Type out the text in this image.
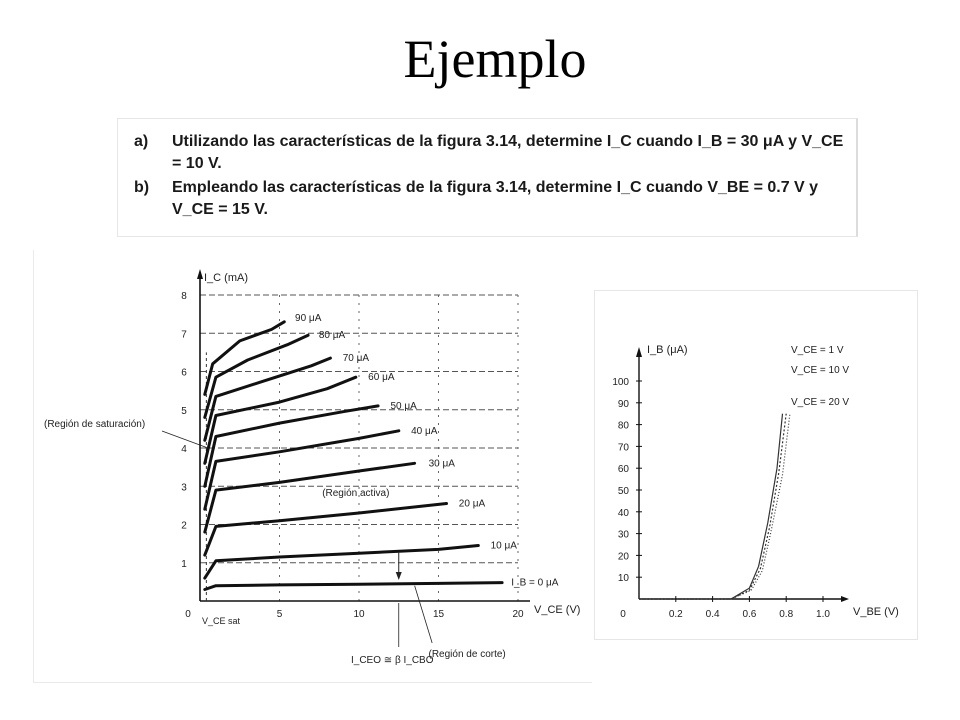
Ejemplo
a) Utilizando las características de la figura 3.14, determine I_C cuando I_B = 30 μA y V_CE
= 10 V.
b) Empleando las características de la figura 3.14, determine I_C cuando V_BE = 0.7 V y
V_CE = 15 V.
1
2
3
4
5
6
7
8
0	5	10	15	20
I_B = 0 μA
10 μA
20 μA
30 μA
40 μA
50 μA
60 μA
70 μA
80 μA
90 μA
I_C (mA)
V_CE (V)
(Región de saturación)
(Región activa)
(Región de corte)
V_CE sat
I_CEO ≅ β I_CBO
10
20
30
40
50
60
70
80
90
100
0	0.2 0.4 0.6 0.8 1.0
V_CE = 1 V
V_CE = 10 V
V_CE = 20 V
I_B (μA)
V_BE (V)
